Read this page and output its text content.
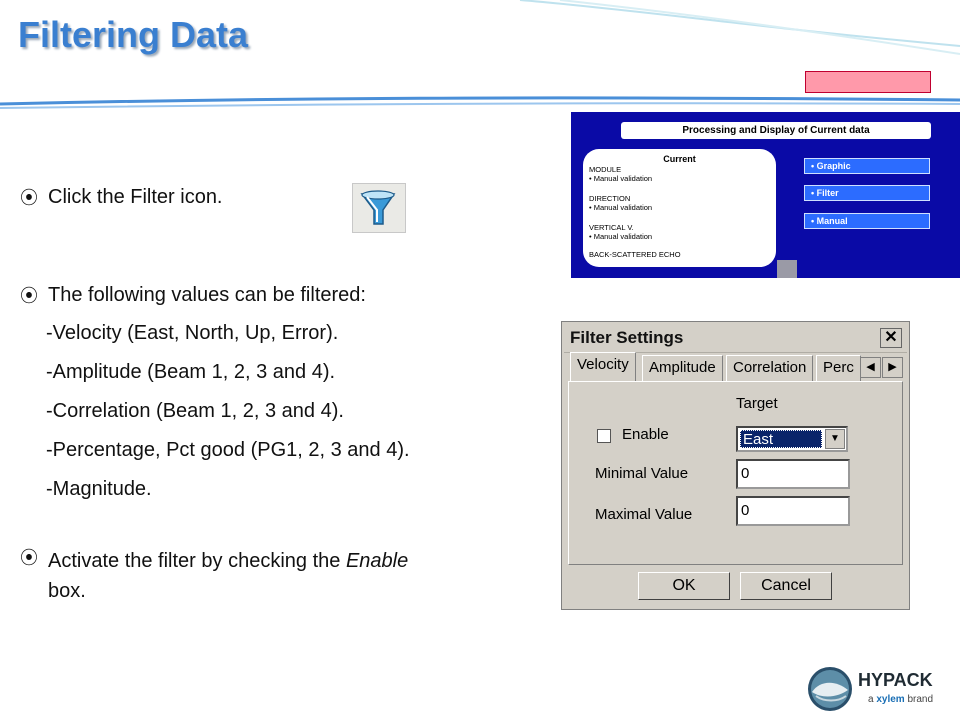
Filtering Data
⦿ Click the Filter icon.
⦿ The following values can be filtered:
-Velocity (East, North, Up, Error).
-Amplitude (Beam 1, 2, 3 and 4).
-Correlation (Beam 1, 2, 3 and 4).
-Percentage, Pct good (PG1, 2, 3 and 4).
-Magnitude.
⦿ Activate the filter by checking the Enable
box.
Processing and Display of Current data
Current
MODULE
• Manual validation
DIRECTION
• Manual validation
VERTICAL V.
• Manual validation
BACK-SCATTERED ECHO
• Graphic
• Filter
• Manual
Filter Settings	✕
Velocity	Amplitude	Correlation	Perc	◀	▶
Target
Enable	East	▼
Minimal Value	0
Maximal Value	0
OK	Cancel
HYPACK
a xylem brand
